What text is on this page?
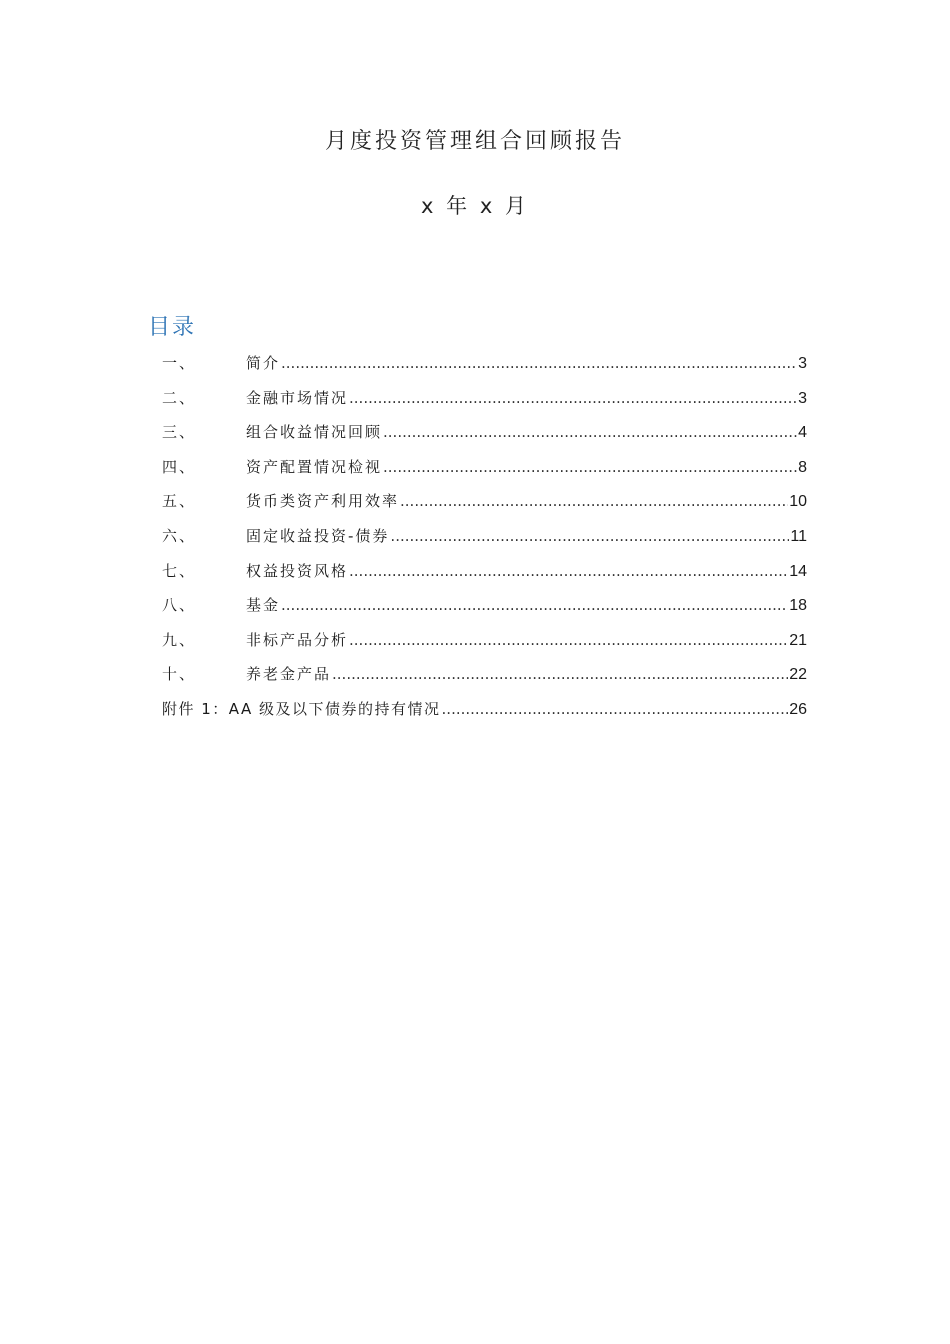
月度投资管理组合回顾报告
x 年 x 月
目录
一、	简介 .....	3
二、	金融市场情况 .....	3
三、	组合收益情况回顾 .....	4
四、	资产配置情况检视 .....	8
五、	货币类资产利用效率 .....	10
六、	固定收益投资-债券 .....	11
七、	权益投资风格 .....	14
八、	基金 .....	18
九、	非标产品分析 .....	21
十、	养老金产品 .....	22
附件 1：AA 级及以下债券的持有情况 .....	26
